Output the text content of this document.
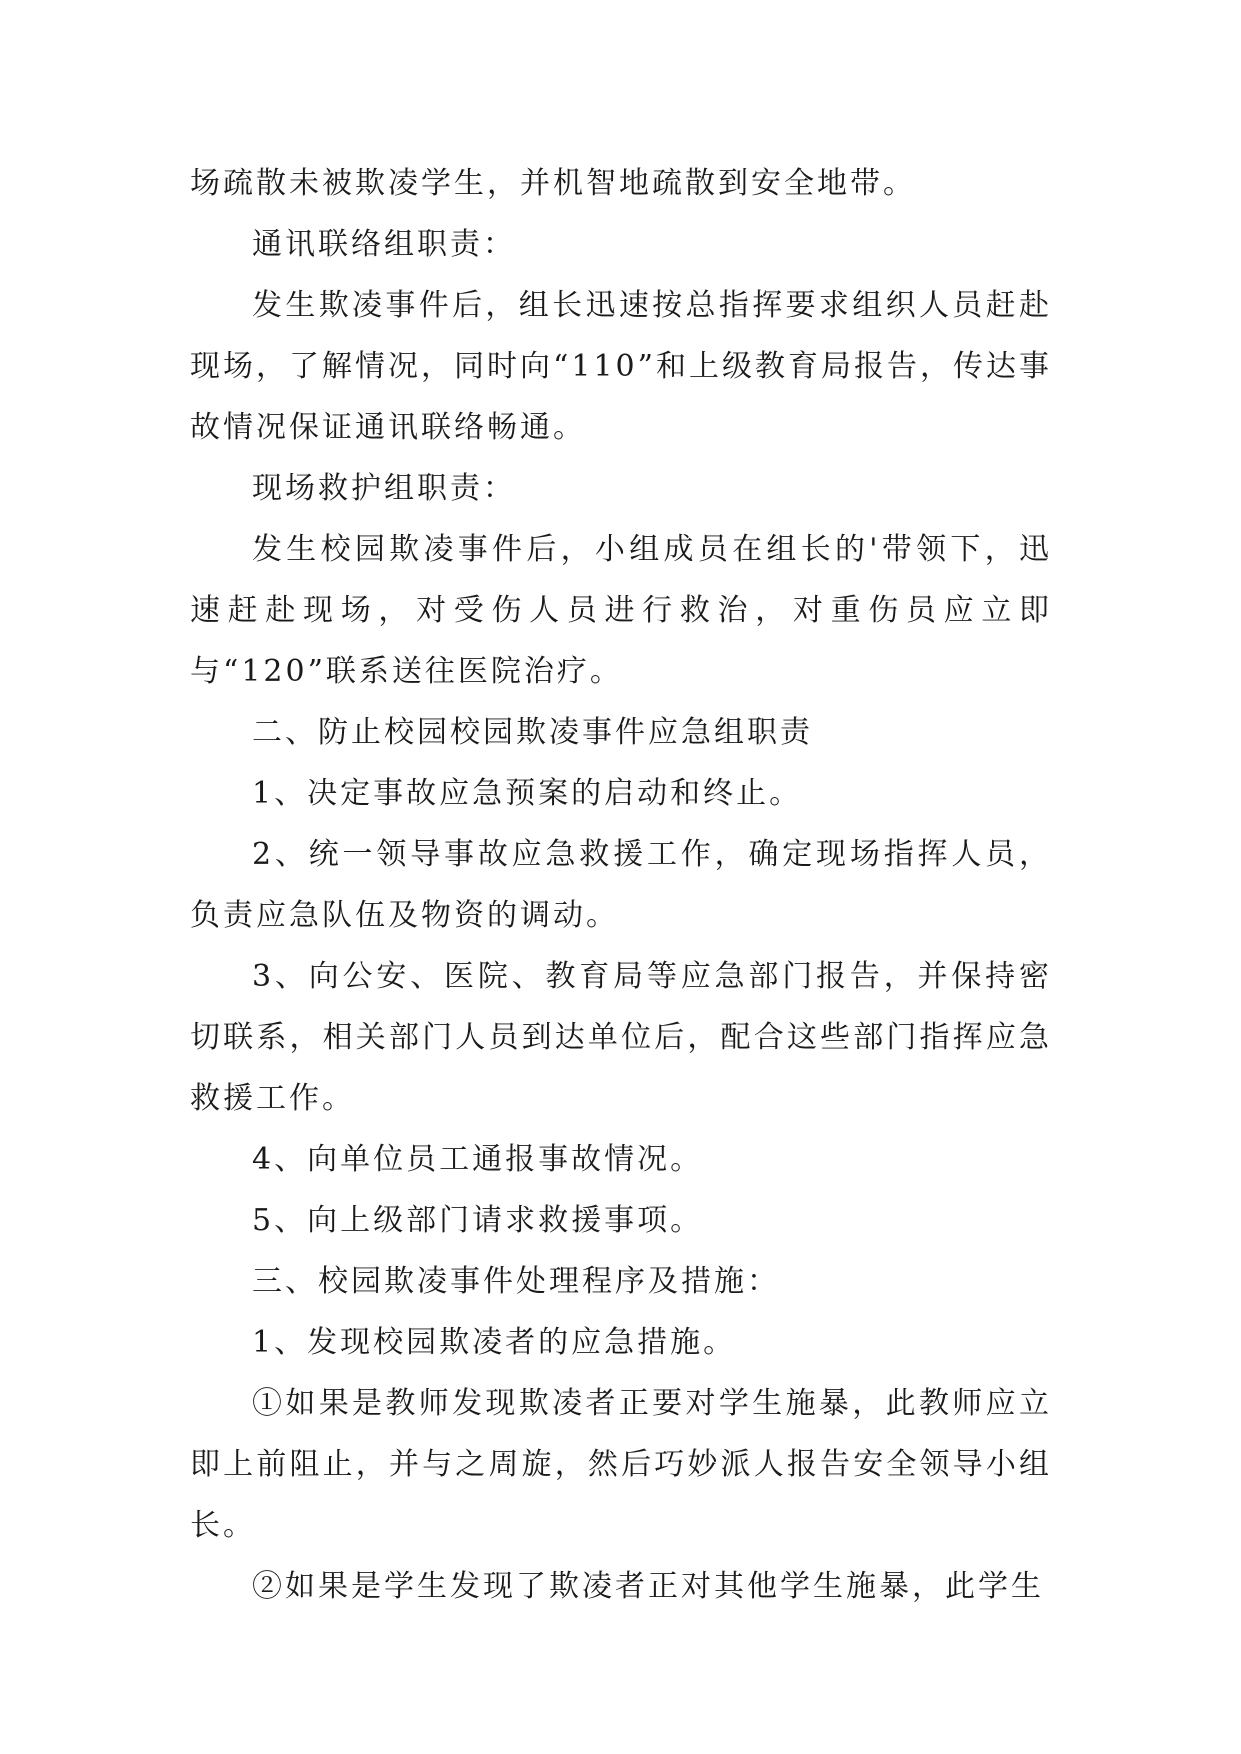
场疏散未被欺凌学生，并机智地疏散到安全地带。

通讯联络组职责：

发生欺凌事件后，组长迅速按总指挥要求组织人员赶赴现场，了解情况，同时向“110”和上级教育局报告，传达事故情况保证通讯联络畅通。

现场救护组职责：

发生校园欺凌事件后，小组成员在组长的'带领下，迅速赶赴现场，对受伤人员进行救治，对重伤员应立即与“120”联系送往医院治疗。

二、防止校园校园欺凌事件应急组职责

1、决定事故应急预案的启动和终止。

2、统一领导事故应急救援工作，确定现场指挥人员，负责应急队伍及物资的调动。

3、向公安、医院、教育局等应急部门报告，并保持密切联系，相关部门人员到达单位后，配合这些部门指挥应急救援工作。

4、向单位员工通报事故情况。

5、向上级部门请求救援事项。

三、校园欺凌事件处理程序及措施：

1、发现校园欺凌者的应急措施。

①如果是教师发现欺凌者正要对学生施暴，此教师应立即上前阻止，并与之周旋，然后巧妙派人报告安全领导小组长。

②如果是学生发现了欺凌者正对其他学生施暴，此学生
